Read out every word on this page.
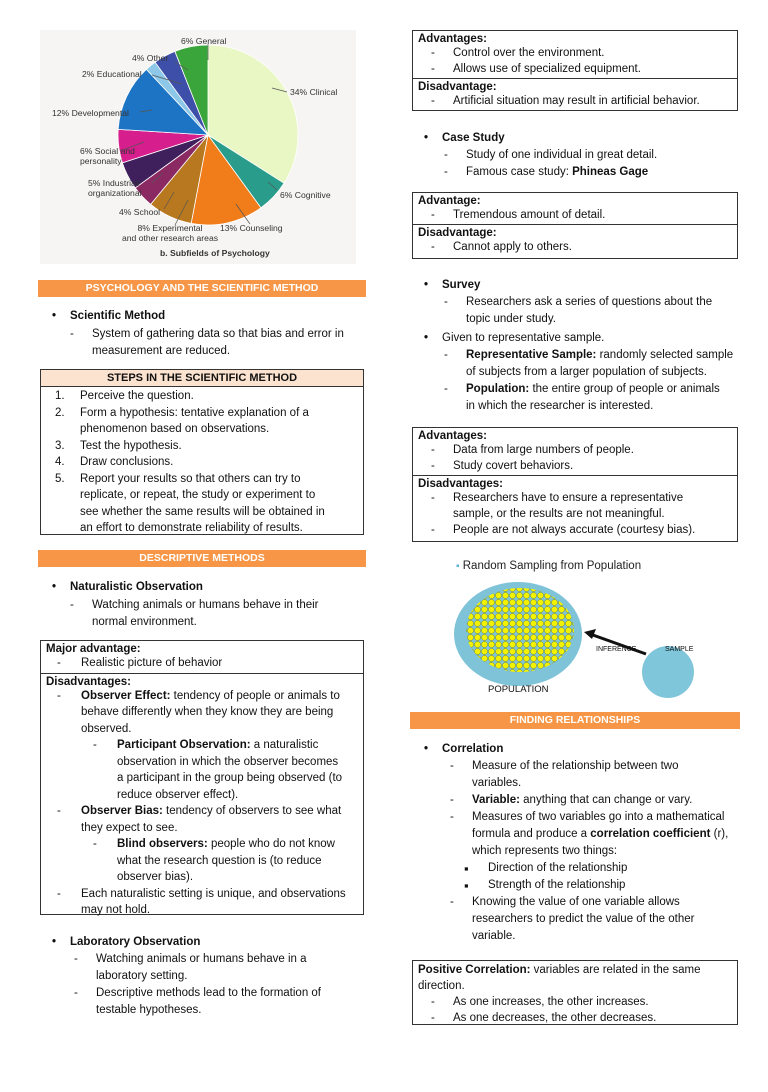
6% General
4% Other
2% Educational
34% Clinical
12% Developmental
6% Social and
personality
5% Industrial/
organizational	6% Cognitive
4% School
8% Experimental
and other research areas
13% Counseling
b. Subfields of Psychology
PSYCHOLOGY AND THE SCIENTIFIC METHOD
• Scientific Method
- System of gathering data so that bias and error in
measurement are reduced.
STEPS IN THE SCIENTIFIC METHOD
1. Perceive the question.
2. Form a hypothesis: tentative explanation of a
phenomenon based on observations.
3. Test the hypothesis.
4. Draw conclusions.
5. Report your results so that others can try to
replicate, or repeat, the study or experiment to
see whether the same results will be obtained in
an effort to demonstrate reliability of results.
DESCRIPTIVE METHODS
• Naturalistic Observation
- Watching animals or humans behave in their
normal environment.
Major advantage:
- Realistic picture of behavior
Disadvantages:
- Observer Effect: tendency of people or animals to
behave differently when they know they are being
observed.
- Participant Observation: a naturalistic
observation in which the observer becomes
a participant in the group being observed (to
reduce observer effect).
- Observer Bias: tendency of observers to see what
they expect to see.
- Blind observers: people who do not know
what the research question is (to reduce
observer bias).
- Each naturalistic setting is unique, and observations
may not hold.
• Laboratory Observation
- Watching animals or humans behave in a
laboratory setting.
- Descriptive methods lead to the formation of
testable hypotheses.
Advantages:
- Control over the environment.
- Allows use of specialized equipment.
Disadvantage:
- Artificial situation may result in artificial behavior.
• Case Study
- Study of one individual in great detail.
- Famous case study: Phineas Gage
Advantage:
- Tremendous amount of detail.
Disadvantage:
- Cannot apply to others.
• Survey
- Researchers ask a series of questions about the
topic under study.
• Given to representative sample.
- Representative Sample: randomly selected sample
of subjects from a larger population of subjects.
- Population: the entire group of people or animals
in which the researcher is interested.
Advantages:
- Data from large numbers of people.
- Study covert behaviors.
Disadvantages:
- Researchers have to ensure a representative
sample, or the results are not meaningful.
- People are not always accurate (courtesy bias).
▪ Random Sampling from Population
INFERENCE	SAMPLE
POPULATION
FINDING RELATIONSHIPS
• Correlation
- Measure of the relationship between two
variables.
- Variable: anything that can change or vary.
- Measures of two variables go into a mathematical
formula and produce a correlation coefficient (r),
which represents two things:
▪ Direction of the relationship
▪ Strength of the relationship
- Knowing the value of one variable allows
researchers to predict the value of the other
variable.
Positive Correlation: variables are related in the same
direction.
- As one increases, the other increases.
- As one decreases, the other decreases.
